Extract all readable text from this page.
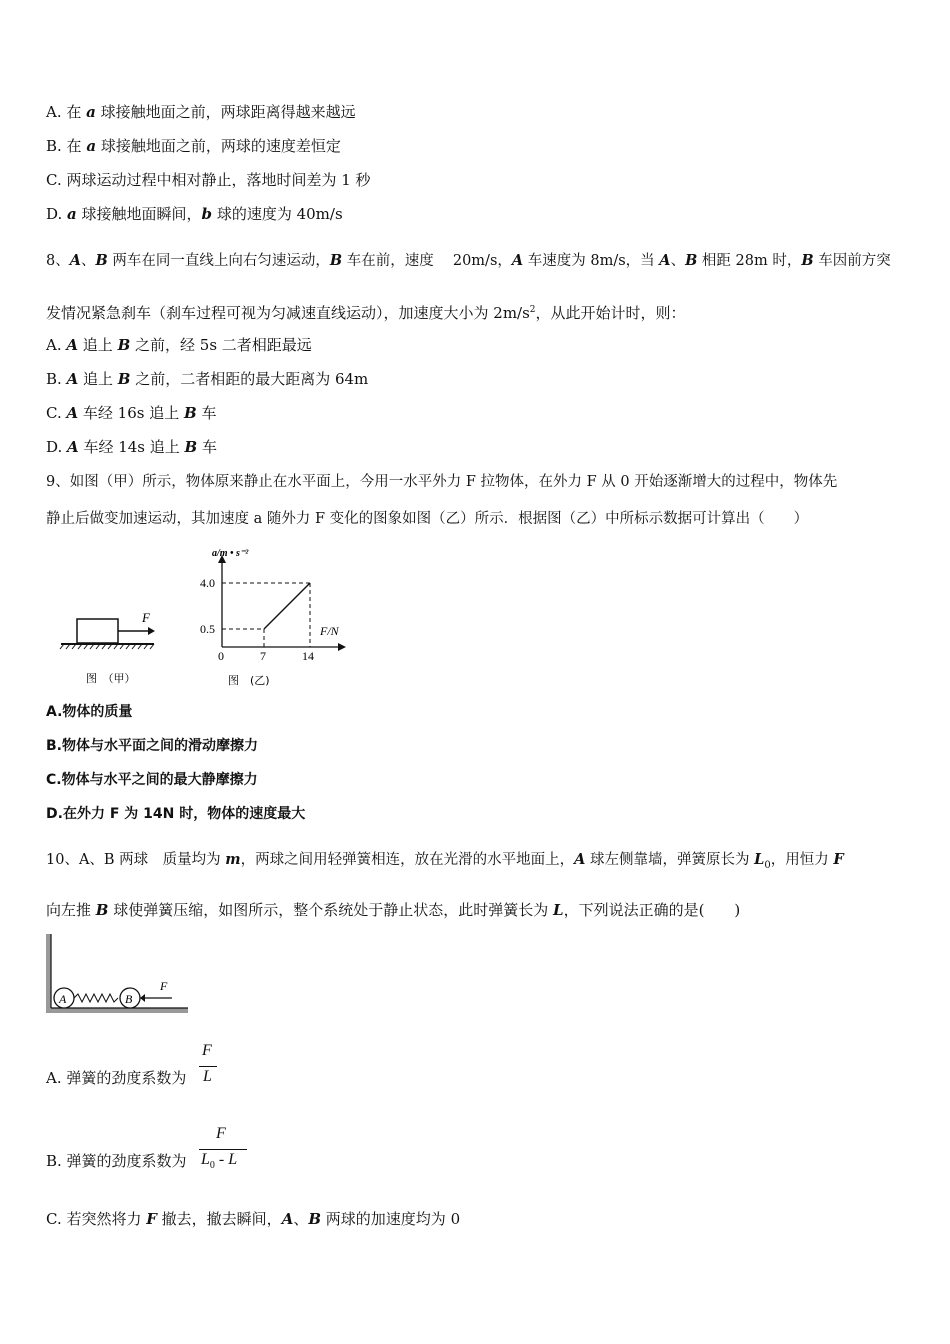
A. 在 a 球接触地面之前，两球距离得越来越远
B. 在 a 球接触地面之前，两球的速度差恒定
C. 两球运动过程中相对静止，落地时间差为 1 秒
D. a 球接触地面瞬间，b 球的速度为 40m/s
8、A、B 两车在同一直线上向右匀速运动，B 车在前，速度　 20m/s，A 车速度为 8m/s，当 A、B 相距 28m 时，B 车因前方突
发情况紧急刹车（刹车过程可视为匀减速直线运动），加速度大小为 $2m/s^2$，从此开始计时，则：
A. A 追上 B 之前，经 5s 二者相距最远
B. A 追上 B 之前，二者相距的最大距离为 64m
C. A 车经 16s 追上 B 车
D. A 车经 14s 追上 B 车
9、如图（甲）所示，物体原来静止在水平面上，今用一水平外力 F 拉物体，在外力 F 从 0 开始逐渐增大的过程中，物体先
静止后做变加速运动，其加速度 a 随外力 F 变化的图象如图（乙）所示．根据图（乙）中所标示数据可计算出（　　）
F
图　（甲）
a/m • s⁻²
F/N
4.0
0.5
0	7	14
图　(乙)
A.物体的质量
B.物体与水平面之间的滑动摩擦力
C.物体与水平之间的最大静摩擦力
D.在外力 F 为 14N 时，物体的速度最大
10、A、B 两球　质量均为 m，两球之间用轻弹簧相连，放在光滑的水平地面上，A 球左侧靠墙，弹簧原长为 $L_0$，用恒力 F
向左推 B 球使弹簧压缩，如图所示，整个系统处于静止状态，此时弹簧长为 L，下列说法正确的是(　　)
A	B
F
A. 弹簧的劲度系数为
F
L
B. 弹簧的劲度系数为
F
$L_0$ - L
C. 若突然将力 F 撤去，撤去瞬间，A、B 两球的加速度均为 0
